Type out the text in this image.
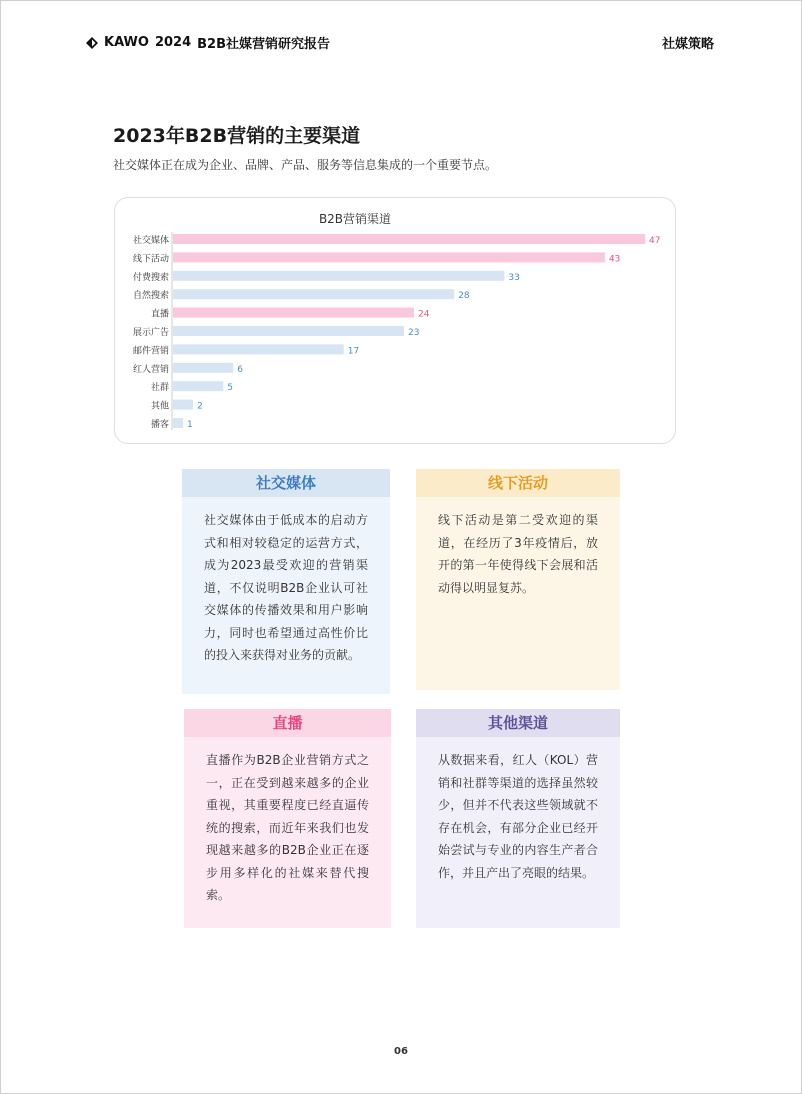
KAWO 2024 B2B社媒营销研究报告	社媒策略
2023年B2B营销的主要渠道
社交媒体正在成为企业、品牌、产品、服务等信息集成的一个重要节点。
B2B营销渠道
社交媒体	47
线下活动	43
付费搜索	33
自然搜索	28
直播	24
展示广告	23
邮件营销	17
红人营销	6
社群	5
其他	2
播客 1
社交媒体
社交媒体由于低成本的启动方式和相对较稳定的运营方式，成为2023最受欢迎的营销渠道，不仅说明B2B企业认可社交媒体的传播效果和用户影响力，同时也希望通过高性价比的投入来获得对业务的贡献。
线下活动
线下活动是第二受欢迎的渠道，在经历了3年疫情后，放开的第一年使得线下会展和活动得以明显复苏。
直播
直播作为B2B企业营销方式之一，正在受到越来越多的企业重视，其重要程度已经直逼传统的搜索，而近年来我们也发现越来越多的B2B企业正在逐步用多样化的社媒来替代搜索。
其他渠道
从数据来看，红人（KOL）营销和社群等渠道的选择虽然较少，但并不代表这些领域就不存在机会，有部分企业已经开始尝试与专业的内容生产者合作，并且产出了亮眼的结果。
06
